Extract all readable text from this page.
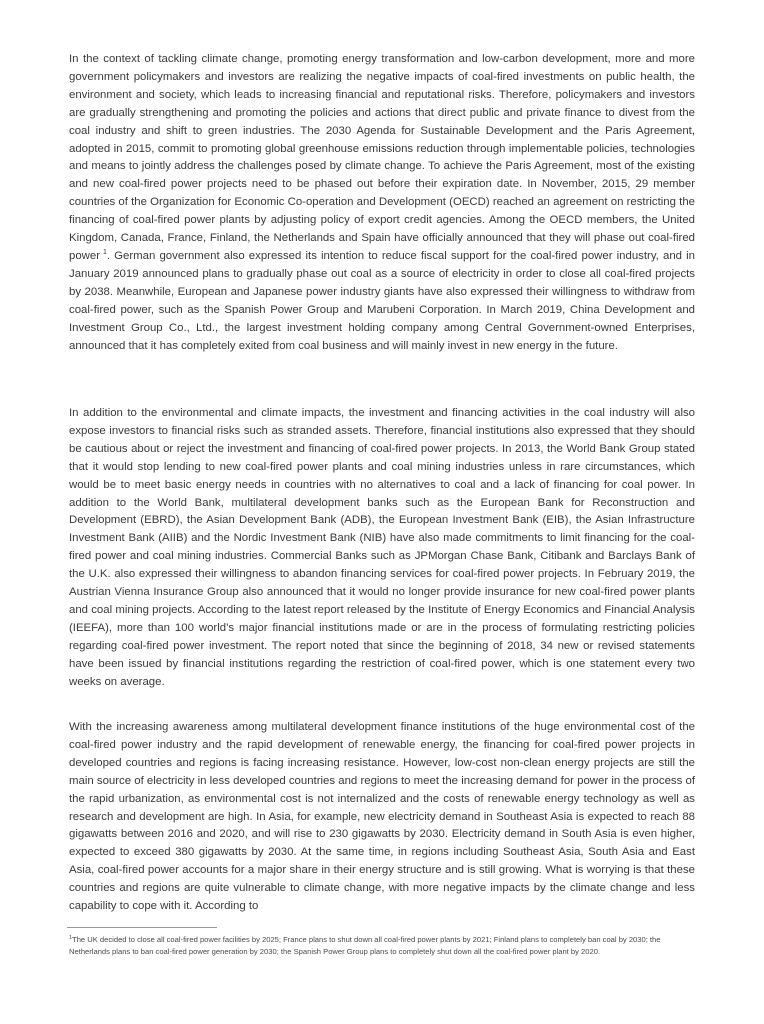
In the context of tackling climate change, promoting energy transformation and low-carbon development, more and more government policymakers and investors are realizing the negative impacts of coal-fired investments on public health, the environment and society, which leads to increasing financial and reputational risks. Therefore, policymakers and investors are gradually strengthening and promoting the policies and actions that direct public and private finance to divest from the coal industry and shift to green industries. The 2030 Agenda for Sustainable Development and the Paris Agreement, adopted in 2015, commit to promoting global greenhouse emissions reduction through implementable policies, technologies and means to jointly address the challenges posed by climate change. To achieve the Paris Agreement, most of the existing and new coal-fired power projects need to be phased out before their expiration date. In November, 2015, 29 member countries of the Organization for Economic Co-operation and Development (OECD) reached an agreement on restricting the financing of coal-fired power plants by adjusting policy of export credit agencies. Among the OECD members, the United Kingdom, Canada, France, Finland, the Netherlands and Spain have officially announced that they will phase out coal-fired power $^1$. German government also expressed its intention to reduce fiscal support for the coal-fired power industry, and in January 2019 announced plans to gradually phase out coal as a source of electricity in order to close all coal-fired projects by 2038. Meanwhile, European and Japanese power industry giants have also expressed their willingness to withdraw from coal-fired power, such as the Spanish Power Group and Marubeni Corporation. In March 2019, China Development and Investment Group Co., Ltd., the largest investment holding company among Central Government-owned Enterprises, announced that it has completely exited from coal business and will mainly invest in new energy in the future.

In addition to the environmental and climate impacts, the investment and financing activities in the coal industry will also expose investors to financial risks such as stranded assets. Therefore, financial institutions also expressed that they should be cautious about or reject the investment and financing of coal-fired power projects. In 2013, the World Bank Group stated that it would stop lending to new coal-fired power plants and coal mining industries unless in rare circumstances, which would be to meet basic energy needs in countries with no alternatives to coal and a lack of financing for coal power. In addition to the World Bank, multilateral development banks such as the European Bank for Reconstruction and Development (EBRD), the Asian Development Bank (ADB), the European Investment Bank (EIB), the Asian Infrastructure Investment Bank (AIIB) and the Nordic Investment Bank (NIB) have also made commitments to limit financing for the coal-fired power and coal mining industries. Commercial Banks such as JPMorgan Chase Bank, Citibank and Barclays Bank of the U.K. also expressed their willingness to abandon financing services for coal-fired power projects. In February 2019, the Austrian Vienna Insurance Group also announced that it would no longer provide insurance for new coal-fired power plants and coal mining projects. According to the latest report released by the Institute of Energy Economics and Financial Analysis (IEEFA), more than 100 world’s major financial institutions made or are in the process of formulating restricting policies regarding coal-fired power investment. The report noted that since the beginning of 2018, 34 new or revised statements have been issued by financial institutions regarding the restriction of coal-fired power, which is one statement every two weeks on average.

With the increasing awareness among multilateral development finance institutions of the huge environmental cost of the coal-fired power industry and the rapid development of renewable energy, the financing for coal-fired power projects in developed countries and regions is facing increasing resistance. However, low-cost non-clean energy projects are still the main source of electricity in less developed countries and regions to meet the increasing demand for power in the process of the rapid urbanization, as environmental cost is not internalized and the costs of renewable energy technology as well as research and development are high. In Asia, for example, new electricity demand in Southeast Asia is expected to reach 88 gigawatts between 2016 and 2020, and will rise to 230 gigawatts by 2030. Electricity demand in South Asia is even higher, expected to exceed 380 gigawatts by 2030. At the same time, in regions including Southeast Asia, South Asia and East Asia, coal-fired power accounts for a major share in their energy structure and is still growing. What is worrying is that these countries and regions are quite vulnerable to climate change, with more negative impacts by the climate change and less capability to cope with it. According to

$^1$The UK decided to close all coal-fired power facilities by 2025; France plans to shut down all coal-fired power plants by 2021; Finland plans to completely ban coal by 2030; the Netherlands plans to ban coal-fired power generation by 2030; the Spanish Power Group plans to completely shut down all the coal-fired power plant by 2020.
